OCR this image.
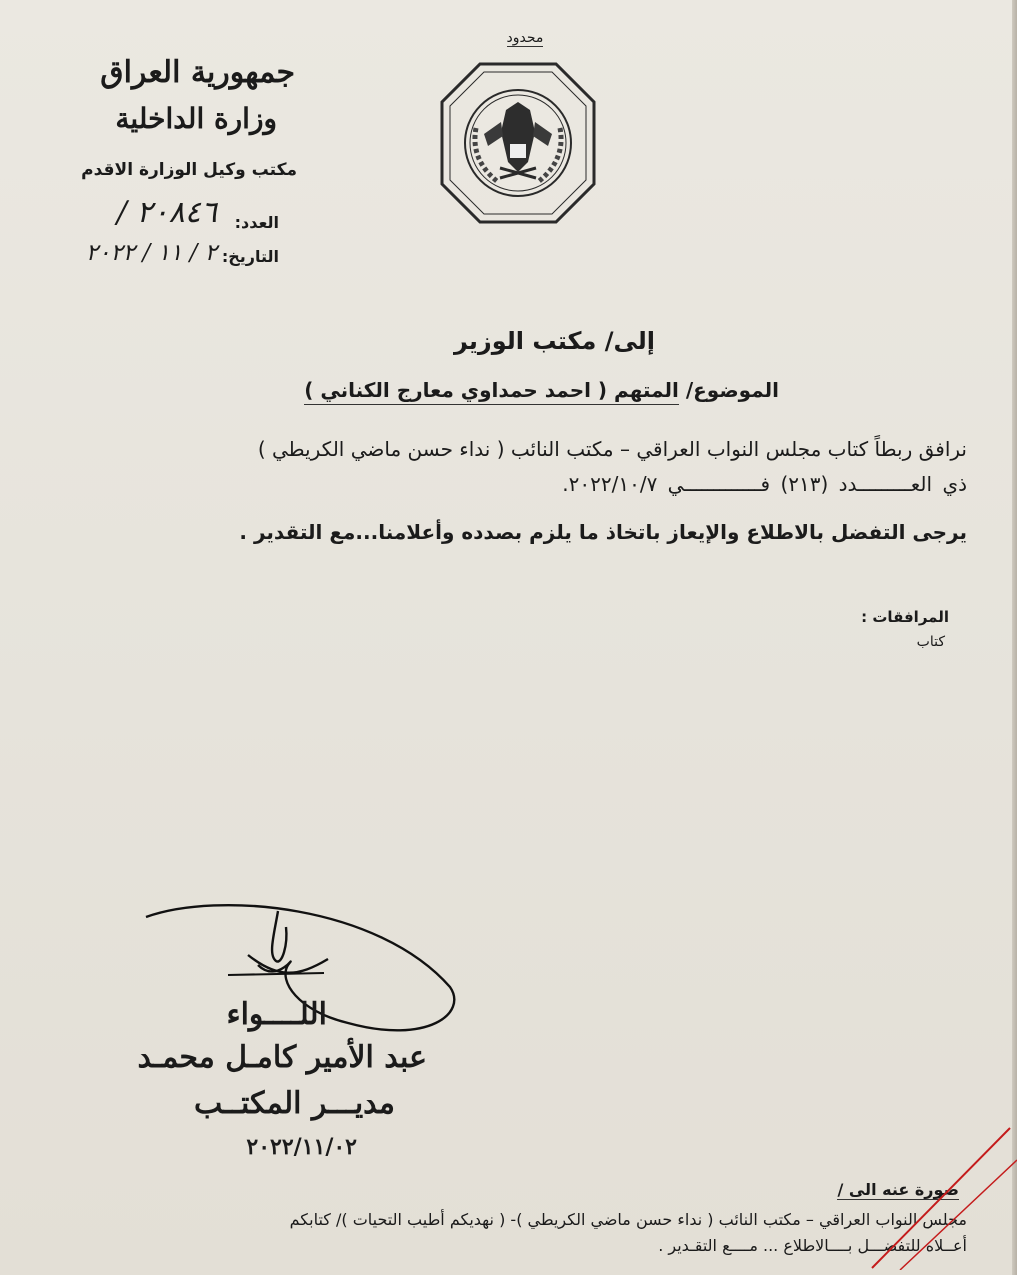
محدود
جمهورية العراق
وزارة الداخلية
مكتب وكيل الوزارة الاقدم
العدد:
/ ٢٠٨٤٦
التاريخ:
٢ / ١١ / ٢٠٢٢
إلى/ مكتب الوزير
الموضوع/ المتهم ( احمد حمداوي معارج الكناني )
نرافق ربطاً كتاب مجلس النواب العراقي – مكتب النائب ( نداء حسن ماضي الكريطي )
ذي العـــــــــدد (٢١٣) فـــــــــــــي ٢٠٢٢/١٠/٧.
يرجى التفضل بالاطلاع والإيعاز باتخاذ ما يلزم بصدده وأعلامنا...مع التقدير .
المرافقات :
كتاب
اللــــواء
عبد الأمير كامـل محمـد
مديـــر المكتــب
٢٠٢٢/١١/٠٢
صورة عنه الى /
مجلس النواب العراقي – مكتب النائب ( نداء حسن ماضي الكريطي )- ( نهديكم أطيب التحيات )/ كتابكم
أعــلاه للتفضـــل بــــالاطلاع ... مــــع التقـدير .
